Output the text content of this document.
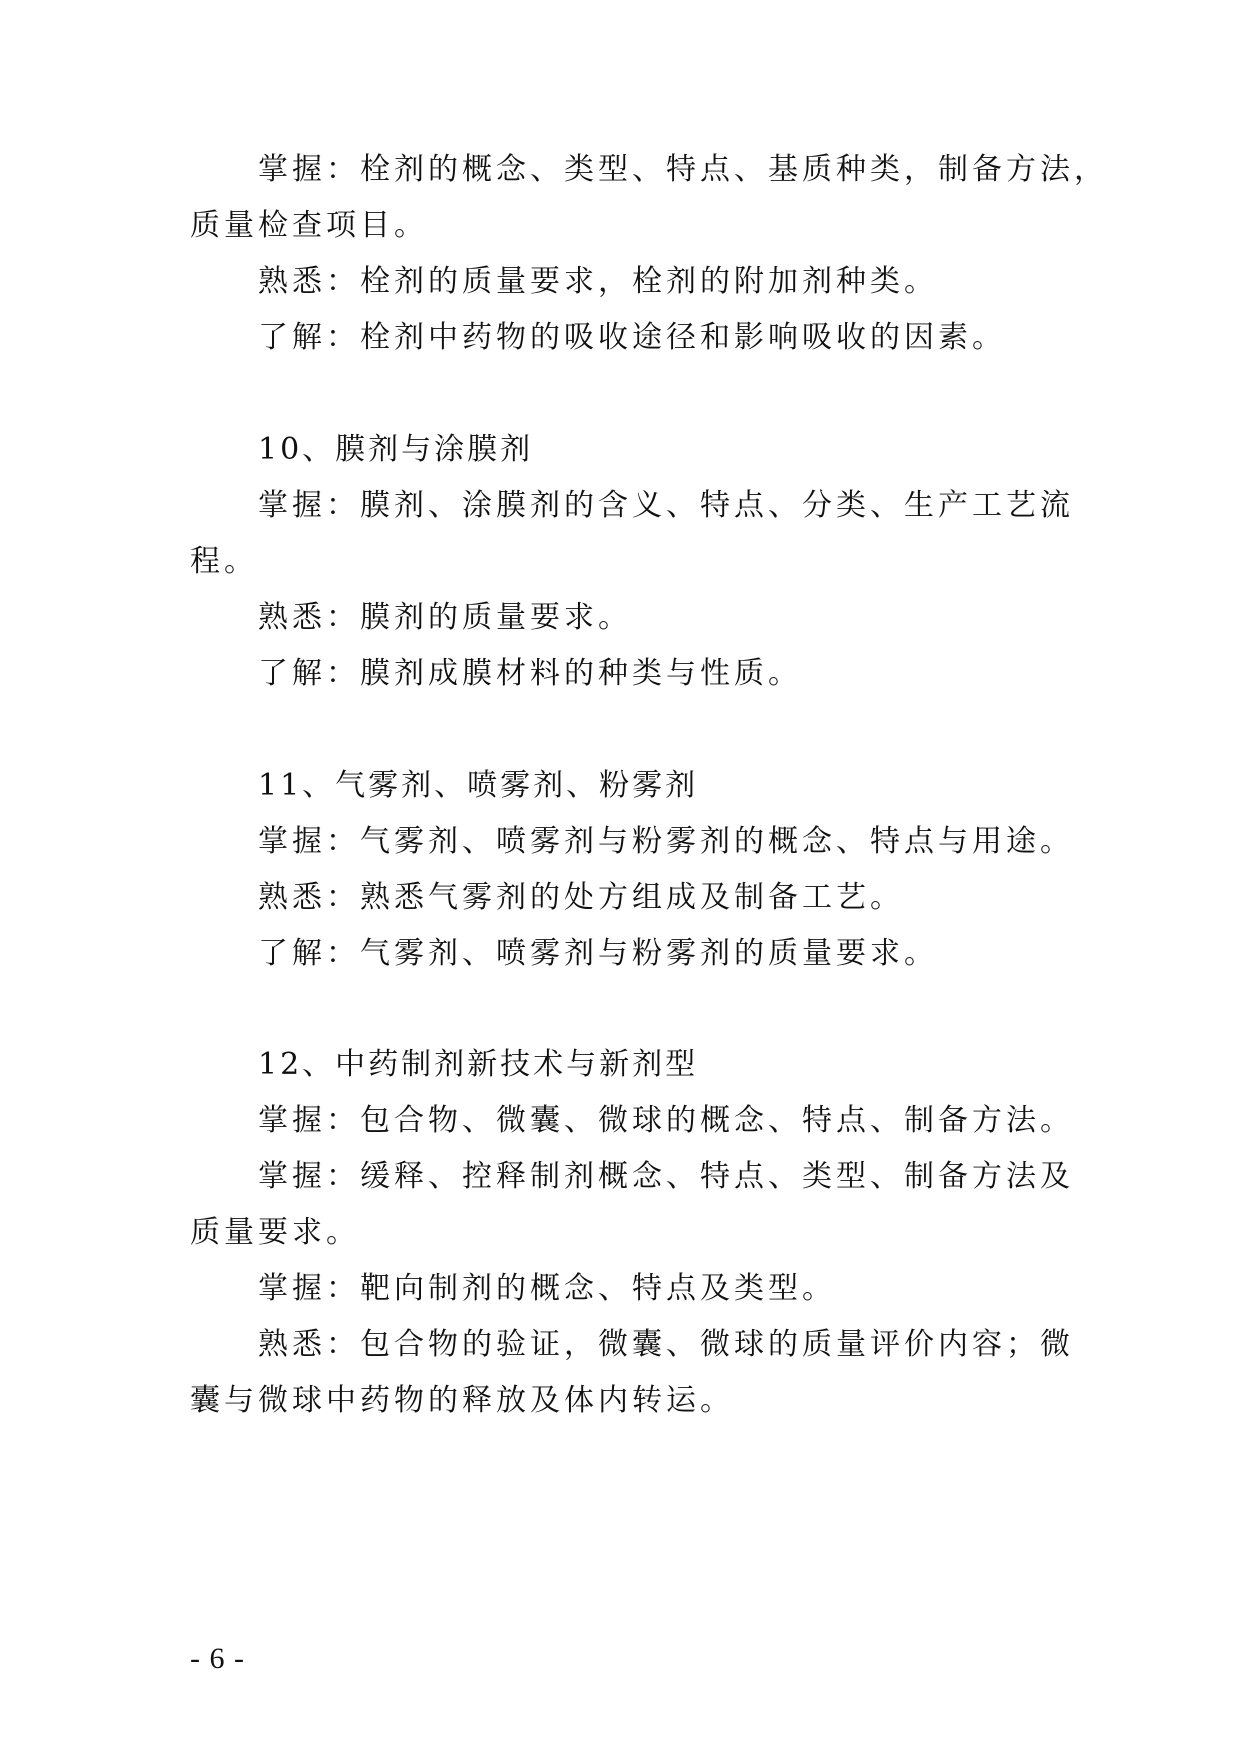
掌握：栓剂的概念、类型、特点、基质种类，制备方法，
质量检查项目。
熟悉：栓剂的质量要求，栓剂的附加剂种类。
了解：栓剂中药物的吸收途径和影响吸收的因素。
10、膜剂与涂膜剂
掌握：膜剂、涂膜剂的含义、特点、分类、生产工艺流
程。
熟悉：膜剂的质量要求。
了解：膜剂成膜材料的种类与性质。
11、气雾剂、喷雾剂、粉雾剂
掌握：气雾剂、喷雾剂与粉雾剂的概念、特点与用途。
熟悉：熟悉气雾剂的处方组成及制备工艺。
了解：气雾剂、喷雾剂与粉雾剂的质量要求。
12、中药制剂新技术与新剂型
掌握：包合物、微囊、微球的概念、特点、制备方法。
掌握：缓释、控释制剂概念、特点、类型、制备方法及
质量要求。
掌握：靶向制剂的概念、特点及类型。
熟悉：包合物的验证，微囊、微球的质量评价内容；微
囊与微球中药物的释放及体内转运。
- 6 -
